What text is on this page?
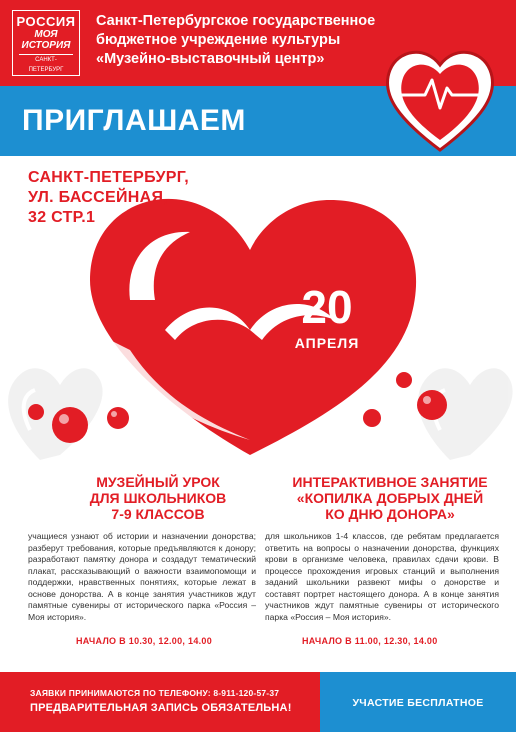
РОССИЯ
МОЯ ИСТОРИЯ
САНКТ-ПЕТЕРБУРГ
Санкт-Петербургское государственное
бюджетное учреждение культуры
«Музейно-выставочный центр»
ПРИГЛАШАЕМ
САНКТ-ПЕТЕРБУРГ,
УЛ. БАССЕЙНАЯ,
32 СТР.1
20
АПРЕЛЯ
МУЗЕЙНЫЙ УРОК
ДЛЯ ШКОЛЬНИКОВ
7-9 КЛАССОВ
учащиеся узнают об истории и назначении донорства; разберут требования, которые предъявляются к донору; разработают памятку донора и создадут тематический плакат, рассказывающий о важности взаимопомощи и поддержки, нравственных понятиях, которые лежат в основе донорства. А в конце занятия участников ждут памятные сувениры от исторического парка «Россия – Моя история».
НАЧАЛО В 10.30, 12.00, 14.00
ИНТЕРАКТИВНОЕ ЗАНЯТИЕ
«КОПИЛКА ДОБРЫХ ДНЕЙ
КО ДНЮ ДОНОРА»
для школьников 1-4 классов, где ребятам предлагается ответить на вопросы о назначении донорства, функциях крови в организме человека, правилах сдачи крови. В процессе прохождения игровых станций и выполнения заданий школьники развеют мифы о донорстве и составят портрет настоящего донора. А в конце занятия участников ждут памятные сувениры от исторического парка «Россия – Моя история».
НАЧАЛО В 11.00, 12.30, 14.00
ЗАЯВКИ ПРИНИМАЮТСЯ ПО ТЕЛЕФОНУ: 8-911-120-57-37
ПРЕДВАРИТЕЛЬНАЯ ЗАПИСЬ ОБЯЗАТЕЛЬНА!	УЧАСТИЕ БЕСПЛАТНОЕ
